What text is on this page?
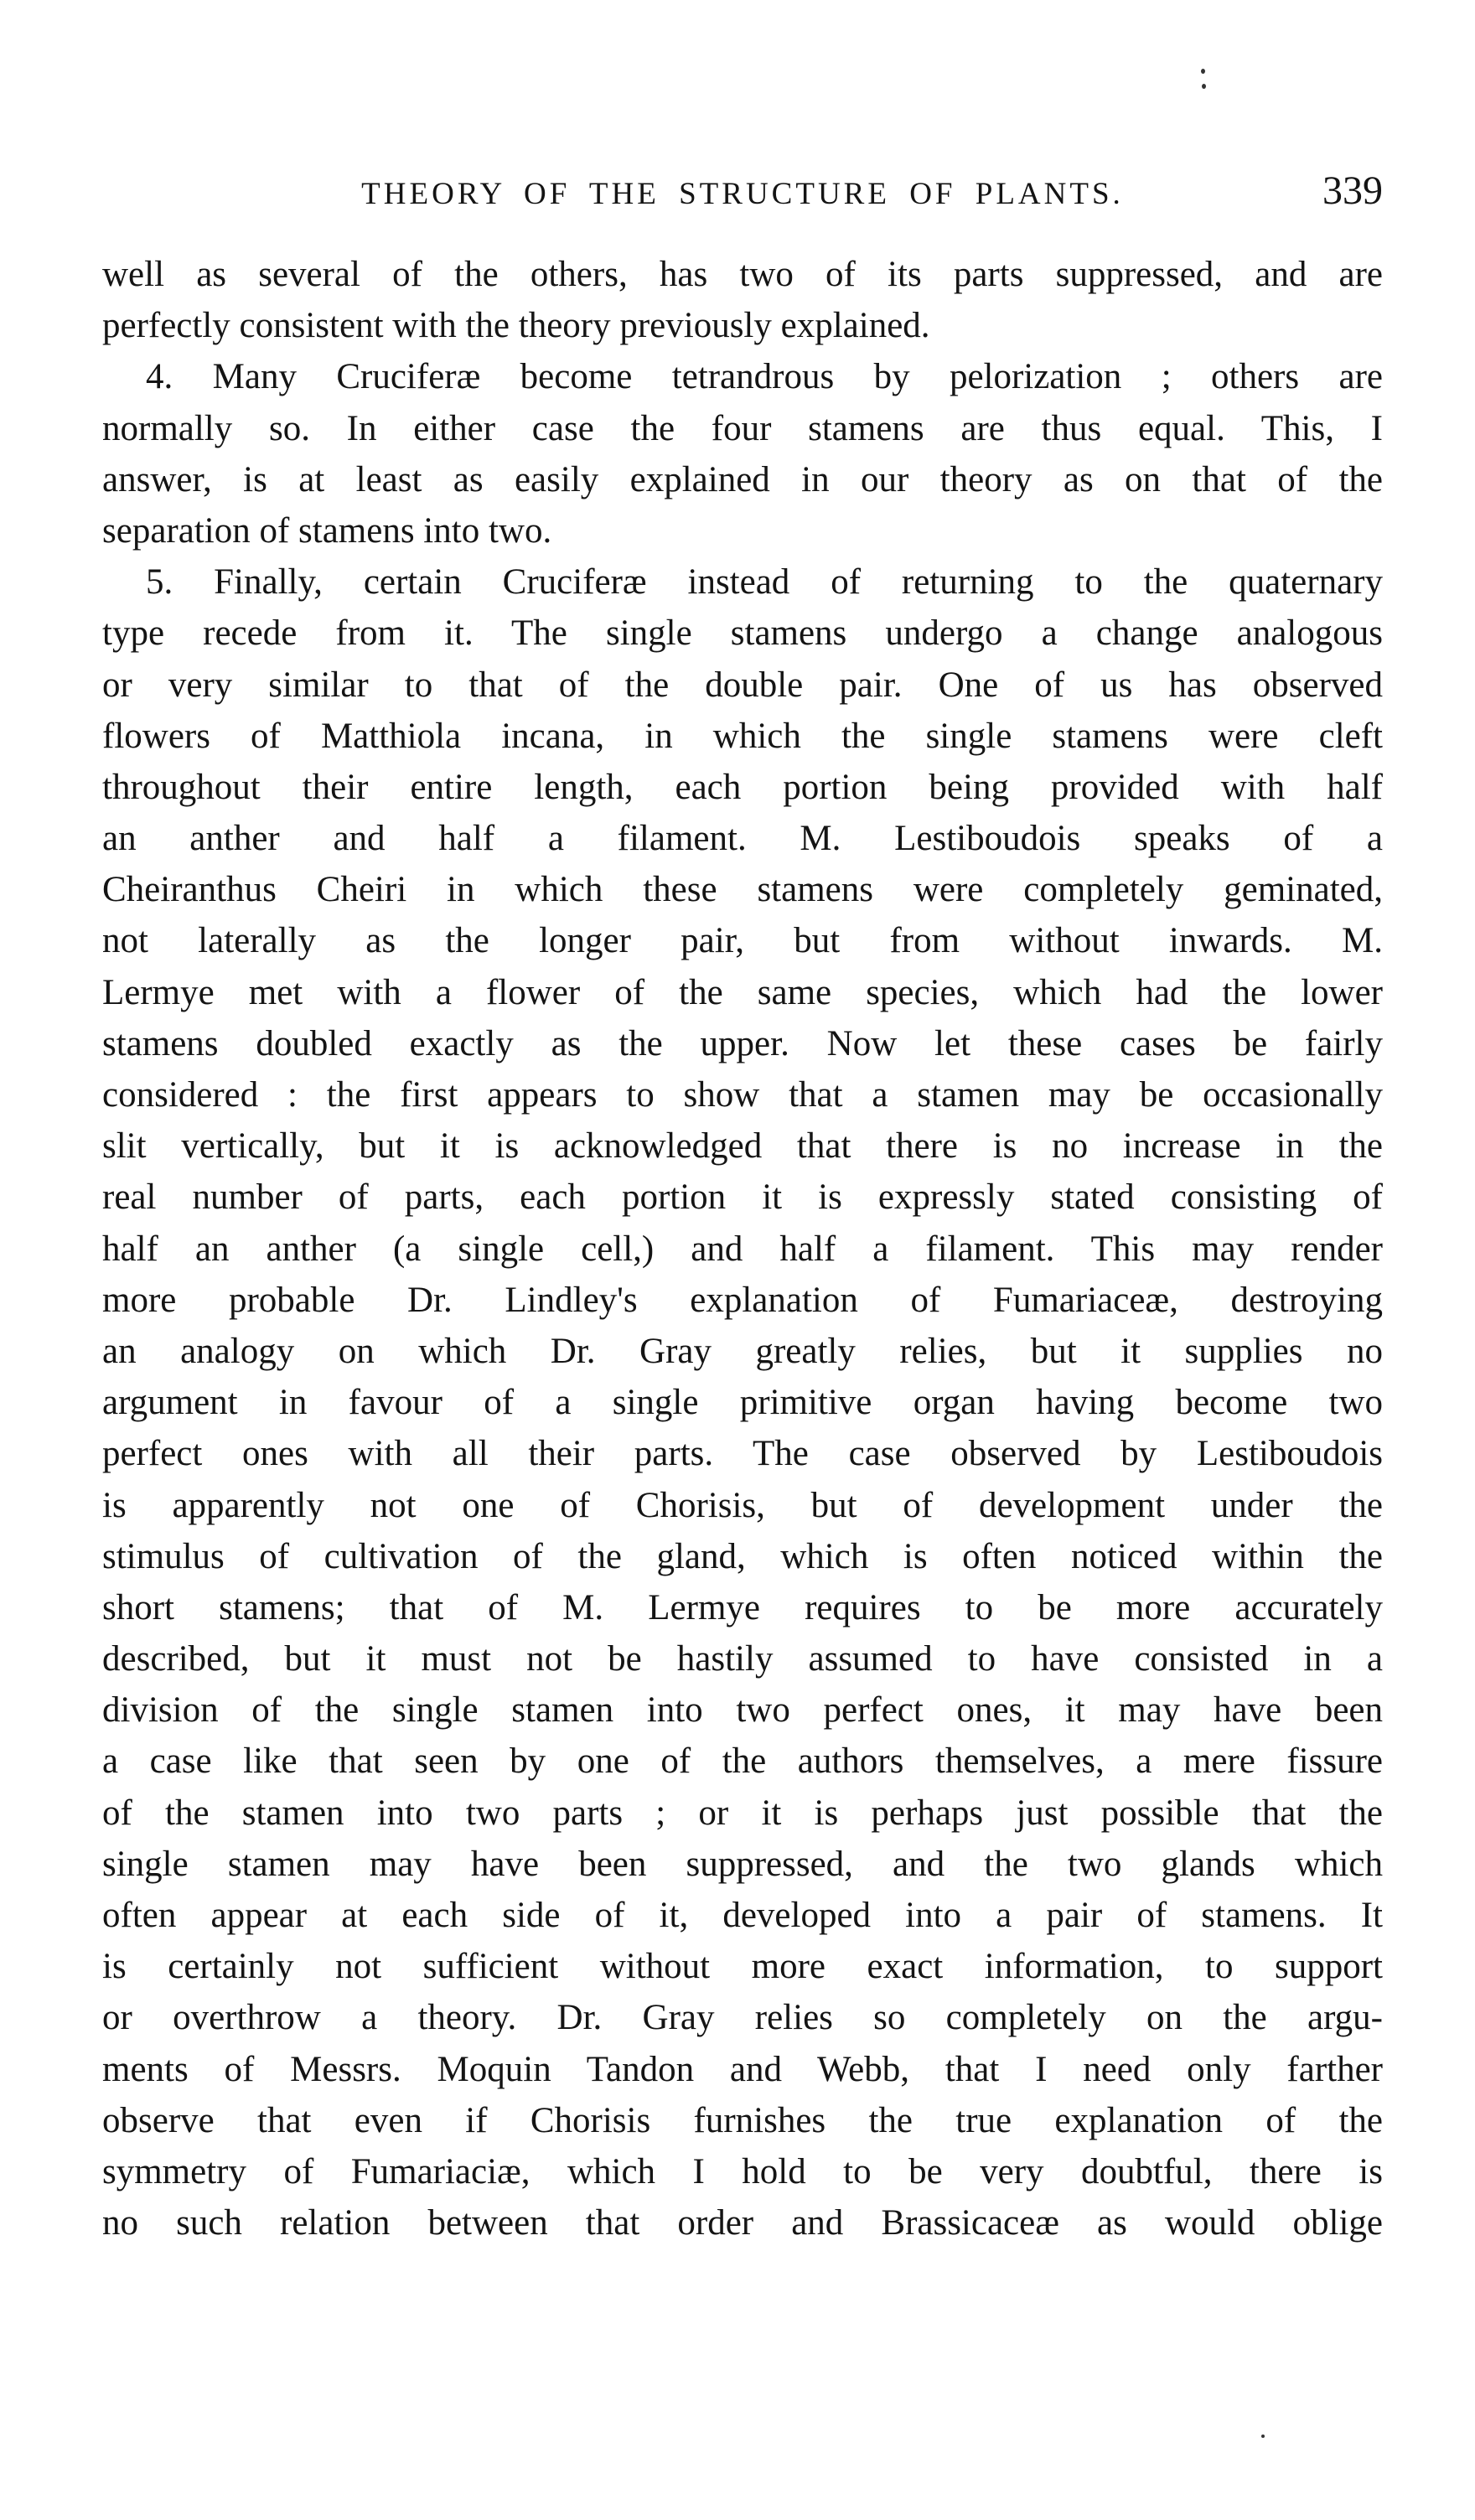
THEORY OF THE STRUCTURE OF PLANTS.	339
well as several of the others, has two of its parts suppressed, and are
perfectly consistent with the theory previously explained.
4. Many Cruciferæ become tetrandrous by pelorization ; others are
normally so. In either case the four stamens are thus equal. This, I
answer, is at least as easily explained in our theory as on that of the
separation of stamens into two.
5. Finally, certain Cruciferæ instead of returning to the quaternary
type recede from it. The single stamens undergo a change analogous
or very similar to that of the double pair. One of us has observed
flowers of Matthiola incana, in which the single stamens were cleft
throughout their entire length, each portion being provided with half
an anther and half a filament. M. Lestiboudois speaks of a
Cheiranthus Cheiri in which these stamens were completely geminated,
not laterally as the longer pair, but from without inwards. M.
Lermye met with a flower of the same species, which had the lower
stamens doubled exactly as the upper. Now let these cases be fairly
considered : the first appears to show that a stamen may be occasionally
slit vertically, but it is acknowledged that there is no increase in the
real number of parts, each portion it is expressly stated consisting of
half an anther (a single cell,) and half a filament. This may render
more probable Dr. Lindley's explanation of Fumariaceæ, destroying
an analogy on which Dr. Gray greatly relies, but it supplies no
argument in favour of a single primitive organ having become two
perfect ones with all their parts. The case observed by Lestiboudois
is apparently not one of Chorisis, but of development under the
stimulus of cultivation of the gland, which is often noticed within the
short stamens; that of M. Lermye requires to be more accurately
described, but it must not be hastily assumed to have consisted in a
division of the single stamen into two perfect ones, it may have been
a case like that seen by one of the authors themselves, a mere fissure
of the stamen into two parts ; or it is perhaps just possible that the
single stamen may have been suppressed, and the two glands which
often appear at each side of it, developed into a pair of stamens. It
is certainly not sufficient without more exact information, to support
or overthrow a theory. Dr. Gray relies so completely on the argu-
ments of Messrs. Moquin Tandon and Webb, that I need only farther
observe that even if Chorisis furnishes the true explanation of the
symmetry of Fumariaciæ, which I hold to be very doubtful, there is
no such relation between that order and Brassicaceæ as would oblige
